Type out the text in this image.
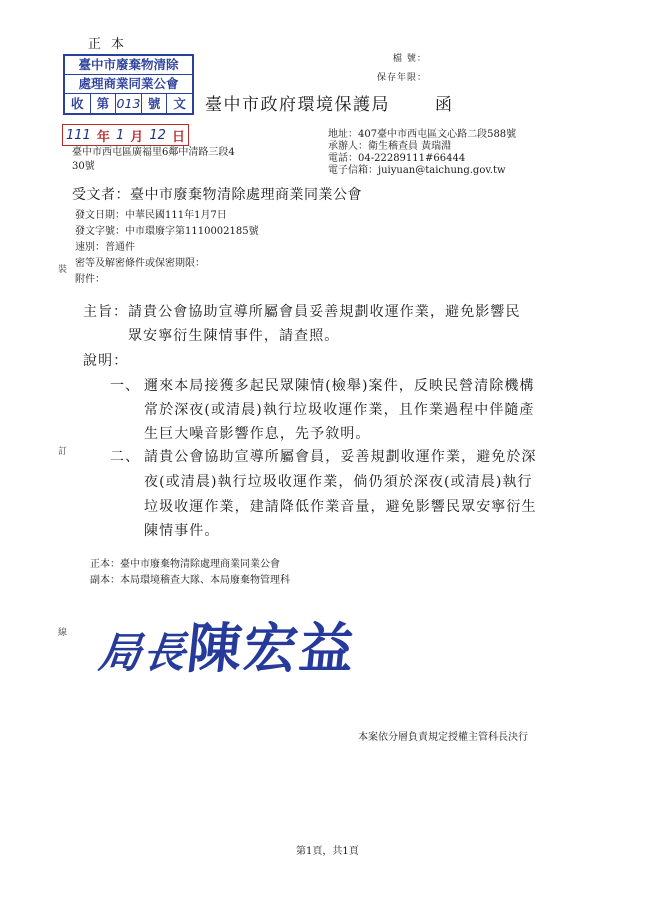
正本
臺中市廢棄物清除
處理商業同業公會
收	第 013 號	文
111 年 1 月 12 日
臺中市西屯區廣福里6鄰中清路三段4
30號
檔 號：
保存年限：
臺中市政府環境保護局	函
地址：407臺中市西屯區文心路二段588號
承辦人：衛生稽查員 黃瑞淵
電話：04-22289111#66444
電子信箱：juiyuan@taichung.gov.tw
受文者：臺中市廢棄物清除處理商業同業公會
發文日期：中華民國111年1月7日
發文字號：中市環廢字第1110002185號
速別：普通件
密等及解密條件或保密期限：
附件：
裝
訂
線
主旨： 請貴公會協助宣導所屬會員妥善規劃收運作業，避免影響民
眾安寧衍生陳情事件，請查照。
說明：
一、 邇來本局接獲多起民眾陳情(檢舉)案件，反映民營清除機構
常於深夜(或清晨)執行垃圾收運作業，且作業過程中伴隨產
生巨大噪音影響作息，先予敘明。
二、 請貴公會協助宣導所屬會員，妥善規劃收運作業，避免於深
夜(或清晨)執行垃圾收運作業，倘仍須於深夜(或清晨)執行
垃圾收運作業，建請降低作業音量，避免影響民眾安寧衍生
陳情事件。
正本：臺中市廢棄物清除處理商業同業公會
副本：本局環境稽查大隊、本局廢棄物管理科
局長陳宏益
本案依分層負責規定授權主管科長決行
第1頁，共1頁
